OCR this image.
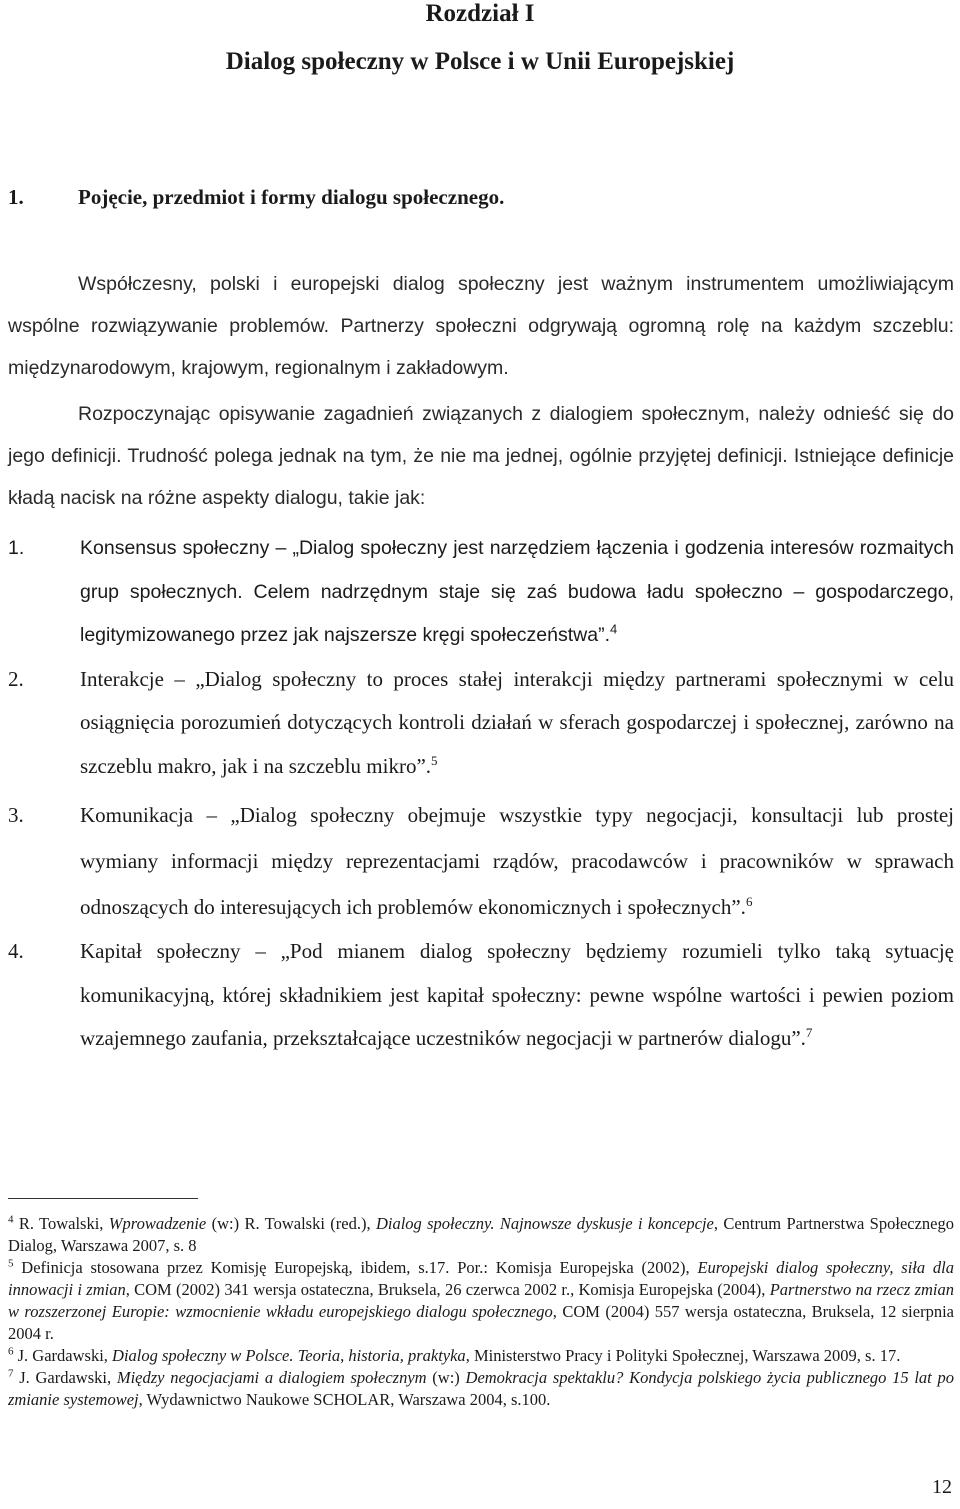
Rozdział I
Dialog społeczny w Polsce i w Unii Europejskiej
1.	Pojęcie, przedmiot i formy dialogu społecznego.

Współczesny, polski i europejski dialog społeczny jest ważnym instrumentem umożliwiającym wspólne rozwiązywanie problemów. Partnerzy społeczni odgrywają ogromną rolę na każdym szczeblu: międzynarodowym, krajowym, regionalnym i zakładowym.

Rozpoczynając opisywanie zagadnień związanych z dialogiem społecznym, należy odnieść się do jego definicji. Trudność polega jednak na tym, że nie ma jednej, ogólnie przyjętej definicji. Istniejące definicje kładą nacisk na różne aspekty dialogu, takie jak:

1.	Konsensus społeczny – „Dialog społeczny jest narzędziem łączenia i godzenia interesów rozmaitych grup społecznych. Celem nadrzędnym staje się zaś budowa ładu społeczno – gospodarczego, legitymizowanego przez jak najszersze kręgi społeczeństwa”.$^4$
2.	Interakcje – „Dialog społeczny to proces stałej interakcji między partnerami społecznymi w celu osiągnięcia porozumień dotyczących kontroli działań w sferach gospodarczej i społecznej, zarówno na szczeblu makro, jak i na szczeblu mikro”.$^5$
3.	Komunikacja – „Dialog społeczny obejmuje wszystkie typy negocjacji, konsultacji lub prostej wymiany informacji między reprezentacjami rządów, pracodawców i pracowników w sprawach odnoszących do interesujących ich problemów ekonomicznych i społecznych”.$^6$
4.	Kapitał społeczny – „Pod mianem dialog społeczny będziemy rozumieli tylko taką sytuację komunikacyjną, której składnikiem jest kapitał społeczny: pewne wspólne wartości i pewien poziom wzajemnego zaufania, przekształcające uczestników negocjacji w partnerów dialogu”.$^7$

$^4$ R. Towalski, Wprowadzenie (w:) R. Towalski (red.), Dialog społeczny. Najnowsze dyskusje i koncepcje, Centrum Partnerstwa Społecznego Dialog, Warszawa 2007, s. 8

$^5$ Definicja stosowana przez Komisję Europejską, ibidem, s.17. Por.: Komisja Europejska (2002), Europejski dialog społeczny, siła dla innowacji i zmian, COM (2002) 341 wersja ostateczna, Bruksela, 26 czerwca 2002 r., Komisja Europejska (2004), Partnerstwo na rzecz zmian w rozszerzonej Europie: wzmocnienie wkładu europejskiego dialogu społecznego, COM (2004) 557 wersja ostateczna, Bruksela, 12 sierpnia 2004 r.

$^6$ J. Gardawski, Dialog społeczny w Polsce. Teoria, historia, praktyka, Ministerstwo Pracy i Polityki Społecznej, Warszawa 2009, s. 17.

$^7$ J. Gardawski, Między negocjacjami a dialogiem społecznym (w:) Demokracja spektaklu? Kondycja polskiego życia publicznego 15 lat po zmianie systemowej, Wydawnictwo Naukowe SCHOLAR, Warszawa 2004, s.100.

12
